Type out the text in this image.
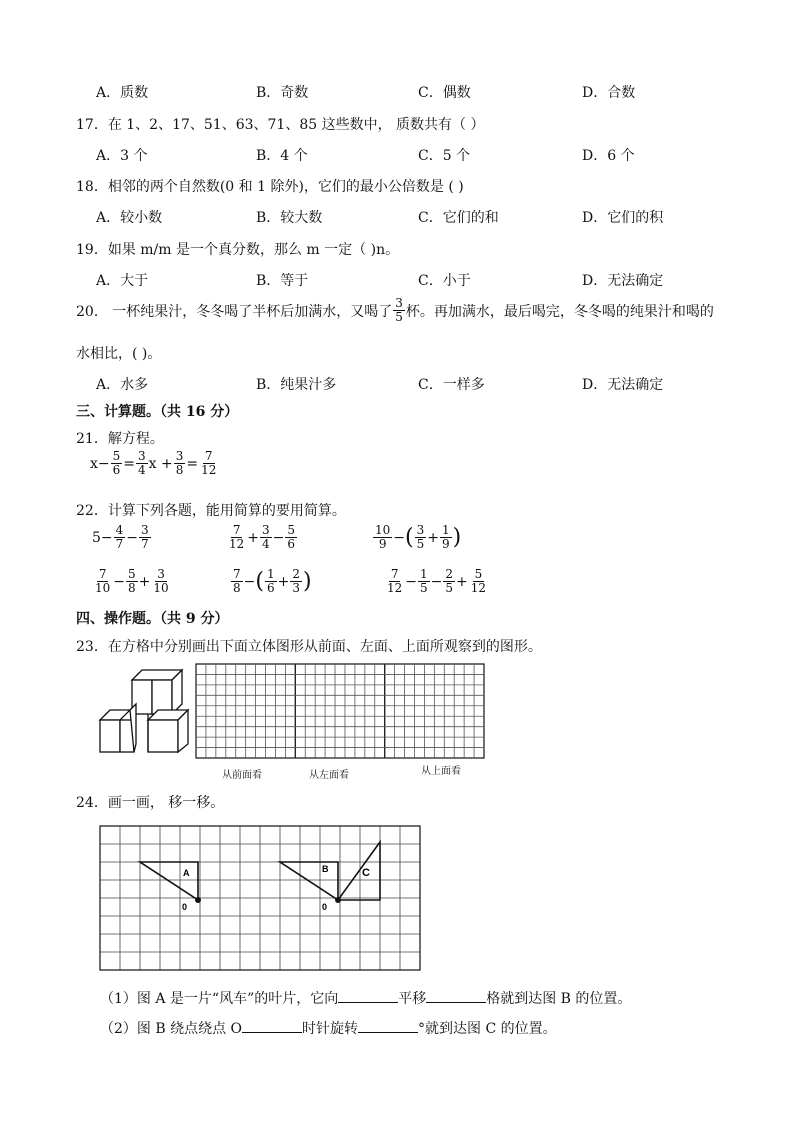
A．质数	B．奇数	C．偶数	D．合数
17．在 1、2、17、51、63、71、85 这些数中， 质数共有（ ）
A．3 个	B．4 个	C．5 个	D．6 个
18．相邻的两个自然数(0 和 1 除外)，它们的最小公倍数是 ( )
A．较小数	B．较大数	C．它们的和	D．它们的积
19．如果 m/m 是一个真分数，那么 m 一定（ )n。
A．大于	B．等于	C．小于	D．无法确定
20． 一杯纯果汁，冬冬喝了半杯后加满水，又喝了 $\frac{3}{5}$ 杯。再加满水，最后喝完，冬冬喝的纯果汁和喝的
水相比，( )。
A．水多	B．纯果汁多	C．一样多	D．无法确定
三、计算题。（共 16 分）
21．解方程。
$x- \frac{5}{6} = \frac{3}{4}$ $x + \frac{3}{8} = \frac{7}{12}$
22．计算下列各题，能用简算的要用简算。
$5- \frac{4}{7} - \frac{3}{7}$	$\frac{7}{12} + \frac{3}{4} - \frac{5}{6}$	$\frac{10}{9}$ − ( $\frac{3}{5} + \frac{1}{9}$ )
$\frac{7}{10} - \frac{5}{8} + \frac{3}{10}$	$\frac{7}{8}$ − ( $\frac{1}{6} + \frac{2}{3}$ )	$\frac{7}{12} - \frac{1}{5} - \frac{2}{5} + \frac{5}{12}$
四、操作题。（共 9 分）
23．在方格中分别画出下面立体图形从前面、左面、上面所观察到的图形。
从前面看	从左面看	从上面看
24．画一画， 移一移。
A	B	C
0	0
（1）图 A 是一片“风车”的叶片，它向	平移	格就到达图 B 的位置。
（2）图 B 绕点绕点 O	时针旋转	°就到达图 C 的位置。
